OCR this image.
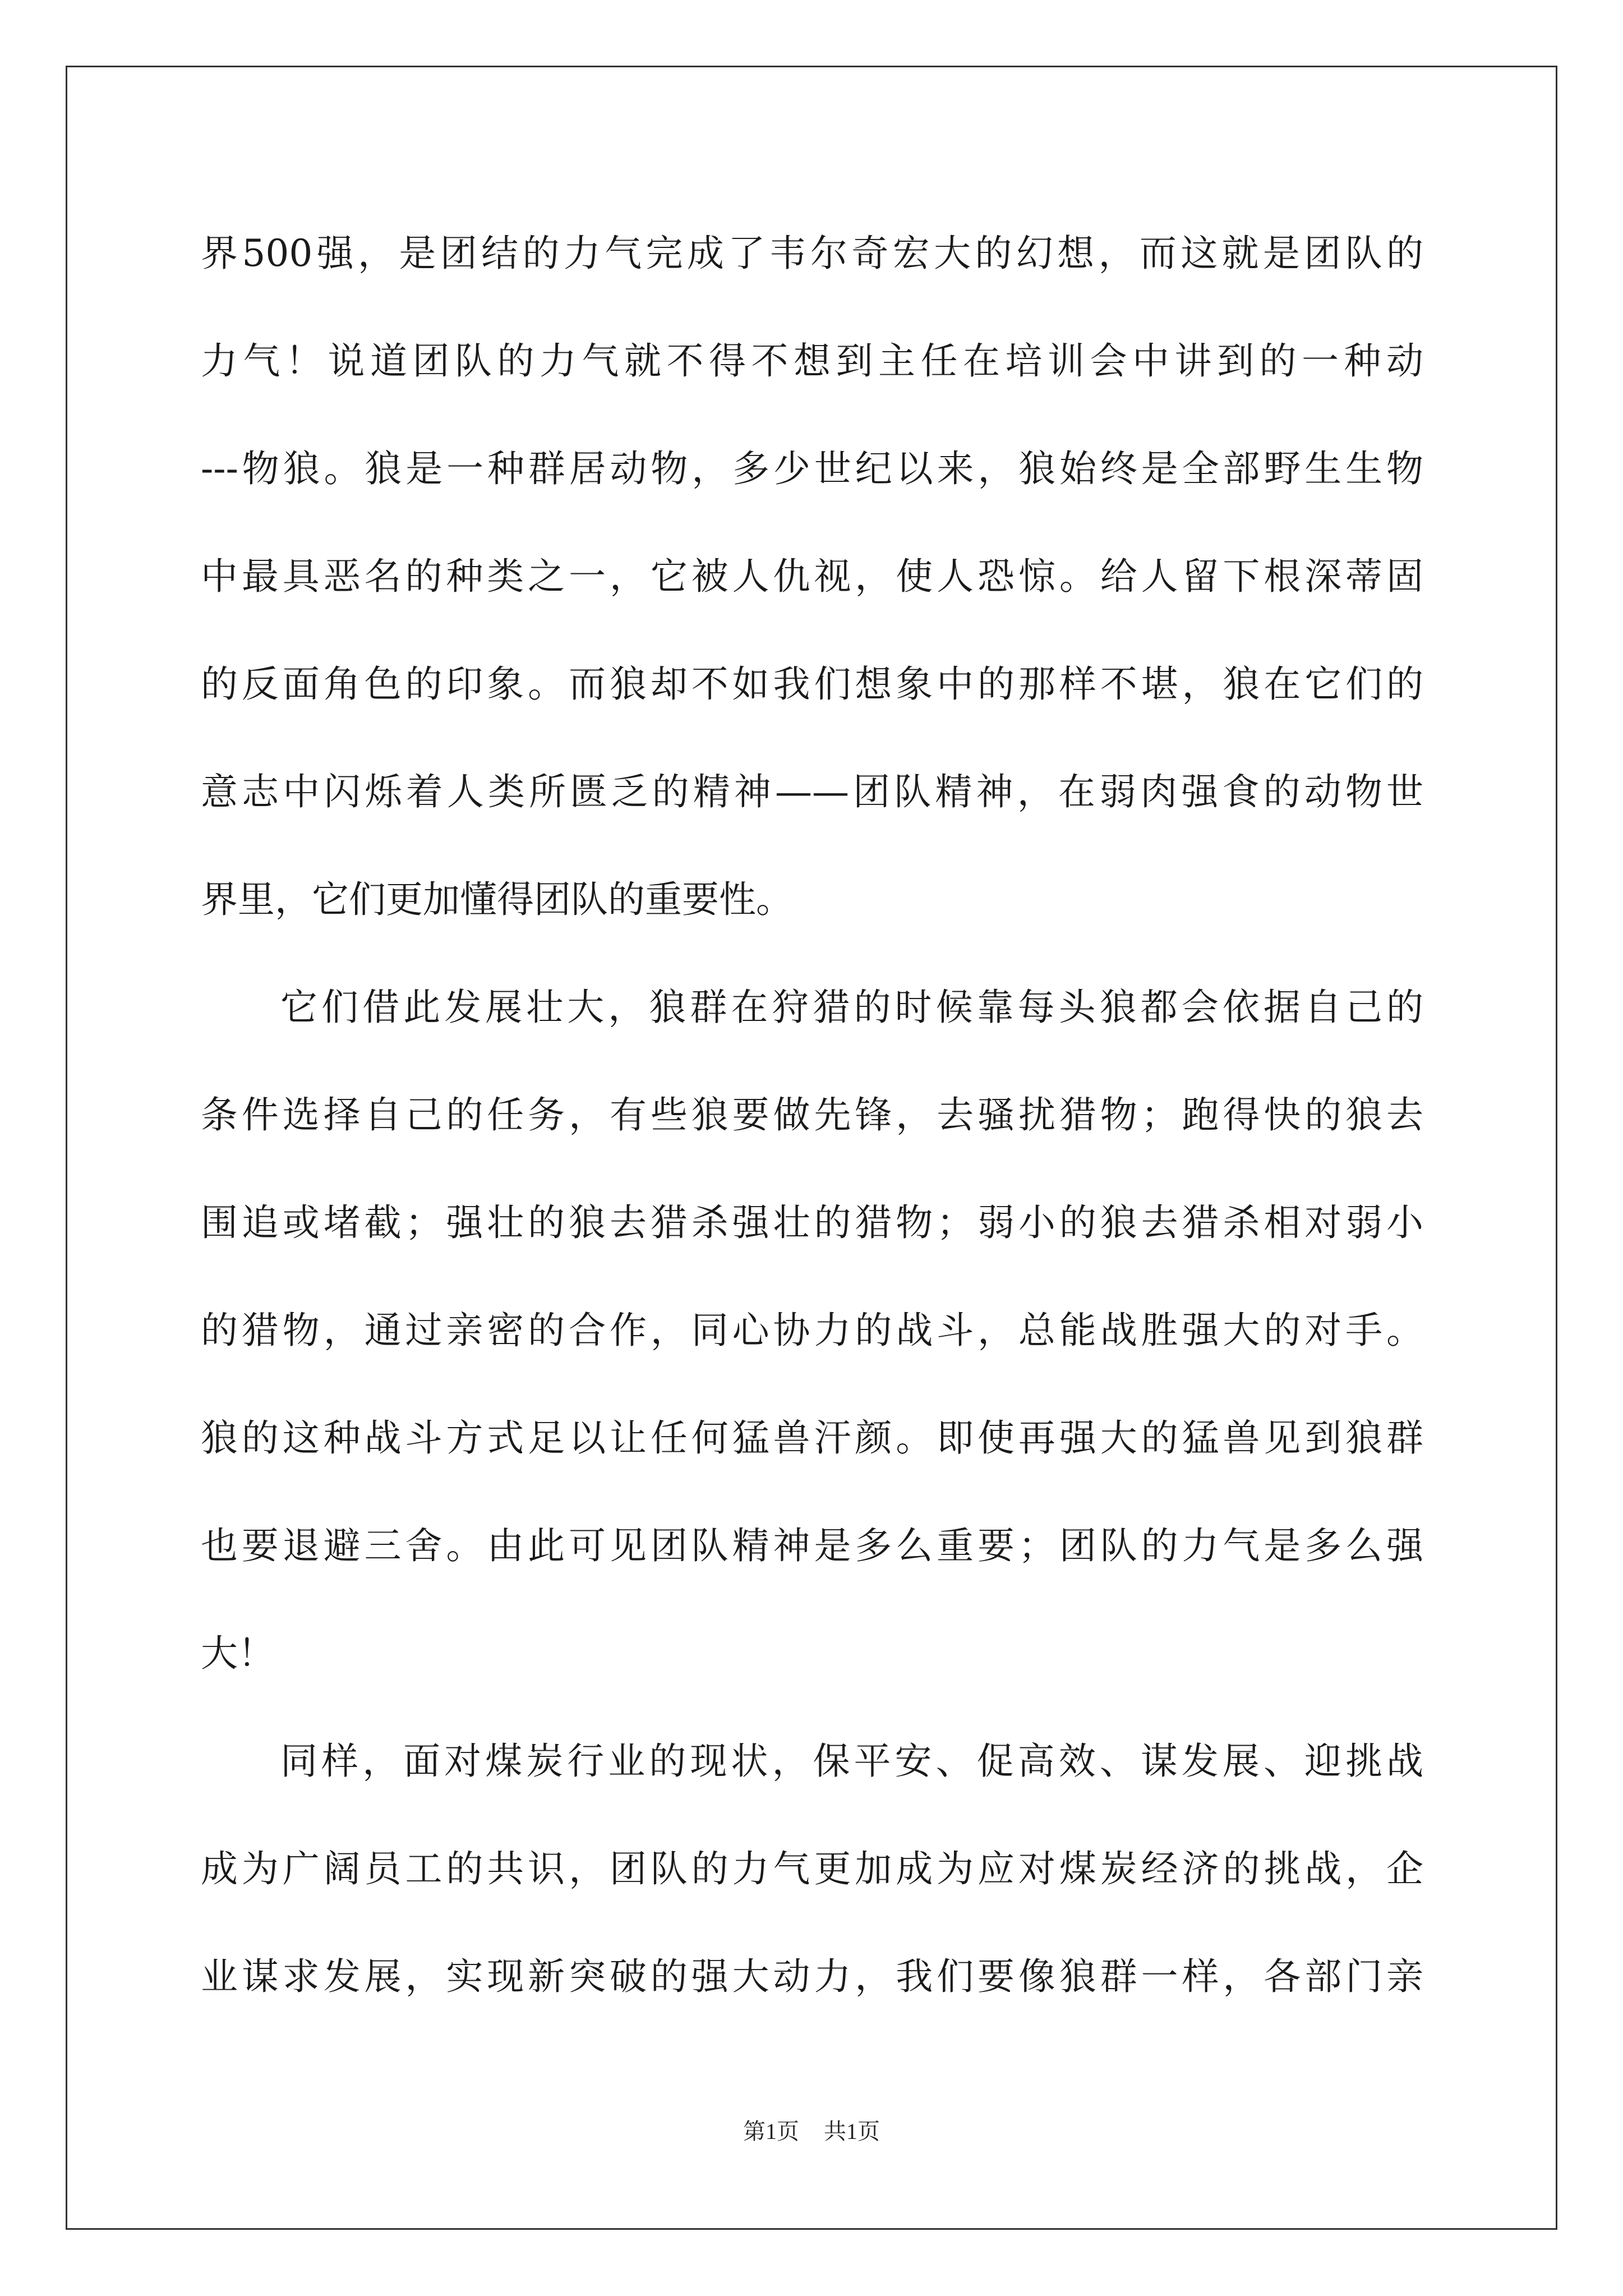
界500强，是团结的力气完成了韦尔奇宏大的幻想，而这就是团队的
力气！说道团队的力气就不得不想到主任在培训会中讲到的一种动
---物狼。狼是一种群居动物，多少世纪以来，狼始终是全部野生生物
中最具恶名的种类之一，它被人仇视，使人恐惊。给人留下根深蒂固
的反面角色的印象。而狼却不如我们想象中的那样不堪，狼在它们的
意志中闪烁着人类所匮乏的精神——团队精神，在弱肉强食的动物世
界里，它们更加懂得团队的重要性。
它们借此发展壮大，狼群在狩猎的时候靠每头狼都会依据自己的
条件选择自己的任务，有些狼要做先锋，去骚扰猎物；跑得快的狼去
围追或堵截；强壮的狼去猎杀强壮的猎物；弱小的狼去猎杀相对弱小
的猎物，通过亲密的合作，同心协力的战斗，总能战胜强大的对手。
狼的这种战斗方式足以让任何猛兽汗颜。即使再强大的猛兽见到狼群
也要退避三舍。由此可见团队精神是多么重要；团队的力气是多么强
大！
同样，面对煤炭行业的现状，保平安、促高效、谋发展、迎挑战
成为广阔员工的共识，团队的力气更加成为应对煤炭经济的挑战，企
业谋求发展，实现新突破的强大动力，我们要像狼群一样，各部门亲
第1页 共1页
